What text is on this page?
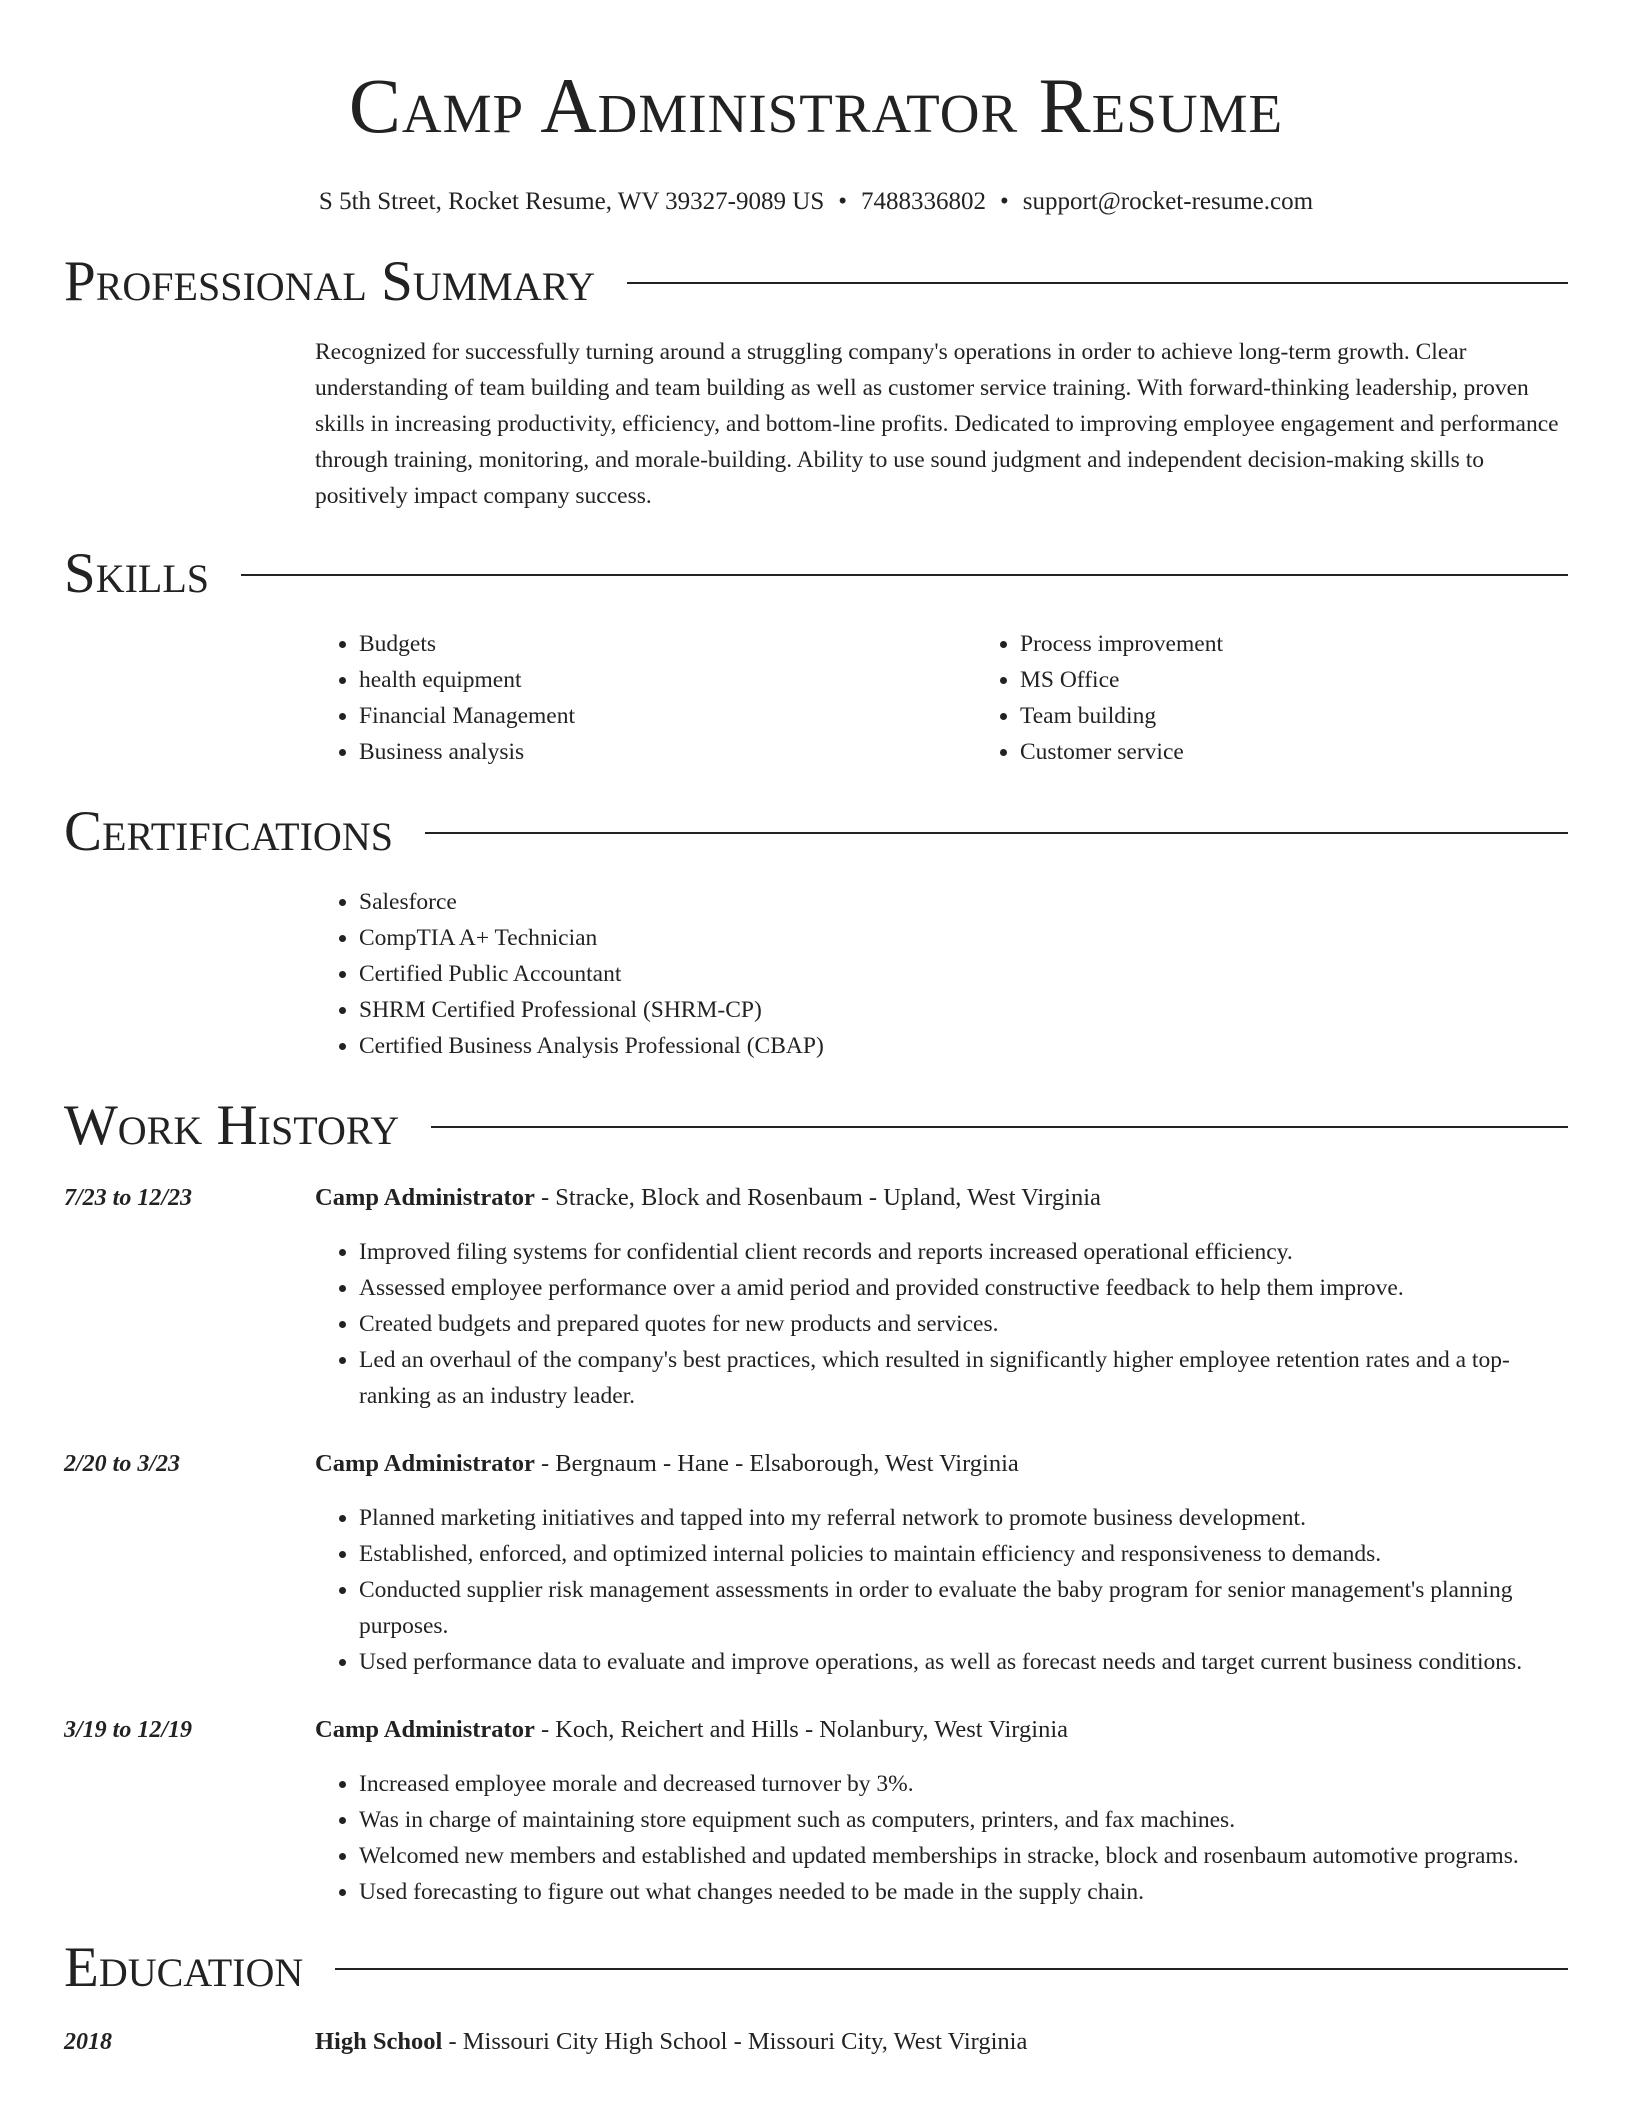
Camp Administrator Resume
S 5th Street, Rocket Resume, WV 39327-9089 US • 7488336802 • support@rocket-resume.com
Professional Summary

Recognized for successfully turning around a struggling company's operations in order to achieve long-term growth. Clear understanding of team building and team building as well as customer service training. With forward-thinking leadership, proven skills in increasing productivity, efficiency, and bottom-line profits. Dedicated to improving employee engagement and performance through training, monitoring, and morale-building. Ability to use sound judgment and independent decision-making skills to positively impact company success.

Skills
• Budgets
• health equipment
• Financial Management
• Business analysis
• Process improvement
• MS Office
• Team building
• Customer service
Certifications
• Salesforce
• CompTIA A+ Technician
• Certified Public Accountant
• SHRM Certified Professional (SHRM-CP)
• Certified Business Analysis Professional (CBAP)
Work History
7/23 to 12/23	Camp Administrator - Stracke, Block and Rosenbaum - Upland, West Virginia
• Improved filing systems for confidential client records and reports increased operational efficiency.
• Assessed employee performance over a amid period and provided constructive feedback to help them improve.
• Created budgets and prepared quotes for new products and services.
• Led an overhaul of the company's best practices, which resulted in significantly higher employee retention rates and a top-ranking as an industry leader.
2/20 to 3/23	Camp Administrator - Bergnaum - Hane - Elsaborough, West Virginia
• Planned marketing initiatives and tapped into my referral network to promote business development.
• Established, enforced, and optimized internal policies to maintain efficiency and responsiveness to demands.
• Conducted supplier risk management assessments in order to evaluate the baby program for senior management's planning purposes.
• Used performance data to evaluate and improve operations, as well as forecast needs and target current business conditions.
3/19 to 12/19	Camp Administrator - Koch, Reichert and Hills - Nolanbury, West Virginia
• Increased employee morale and decreased turnover by 3%.
• Was in charge of maintaining store equipment such as computers, printers, and fax machines.
• Welcomed new members and established and updated memberships in stracke, block and rosenbaum automotive programs.
• Used forecasting to figure out what changes needed to be made in the supply chain.
Education
2018	High School - Missouri City High School - Missouri City, West Virginia
